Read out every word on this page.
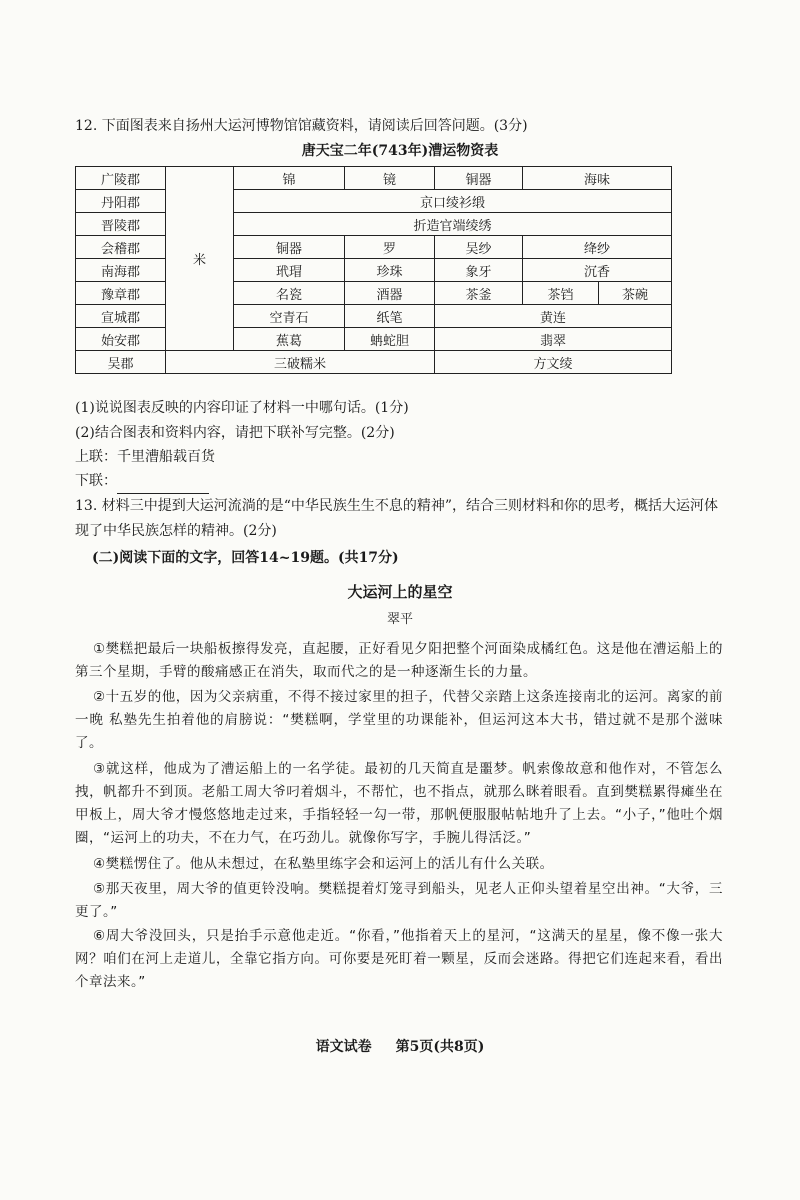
12. 下面图表来自扬州大运河博物馆馆藏资料，请阅读后回答问题。(3分)
唐天宝二年(743年)漕运物资表
广陵郡	米	锦	镜	铜器	海味	
丹阳郡		京口绫衫缎				
晋陵郡		折造官端绫绣				
会稽郡		铜器	罗	吴纱	绛纱	
南海郡		玳瑁	珍珠	象牙	沉香	
豫章郡		名瓷	酒器	茶釜	茶铛	茶碗
宣城郡		空青石	纸笔	黄连		
始安郡		蕉葛	蚺蛇胆	翡翠		
吴郡	三破糯米			方文绫		
(1)说说图表反映的内容印证了材料一中哪句话。(1分)
(2)结合图表和资料内容，请把下联补写完整。(2分)
上联：千里漕船载百货
下联：
13. 材料三中提到大运河流淌的是“中华民族生生不息的精神”，结合三则材料和你的思考，概括大运河体现了中华民族怎样的精神。(2分)
(二)阅读下面的文字，回答14~19题。(共17分)
大运河上的星空
翠平
①樊糕把最后一块船板擦得发亮，直起腰，正好看见夕阳把整个河面染成橘红色。这是他在漕运船上的第三个星期，手臂的酸痛感正在消失，取而代之的是一种逐渐生长的力量。
②十五岁的他，因为父亲病重，不得不接过家里的担子，代替父亲踏上这条连接南北的运河。离家的前一晚 私塾先生拍着他的肩膀说：“樊糕啊，学堂里的功课能补，但运河这本大书，错过就不是那个滋味了。
③就这样，他成为了漕运船上的一名学徒。最初的几天简直是噩梦。帆索像故意和他作对，不管怎么拽，帆都升不到顶。老船工周大爷叼着烟斗，不帮忙，也不指点，就那么眯着眼看。直到樊糕累得瘫坐在甲板上，周大爷才慢悠悠地走过来，手指轻轻一勾一带，那帆便服服帖帖地升了上去。“小子，”他吐个烟圈，“运河上的功夫，不在力气，在巧劲儿。就像你写字，手腕儿得活泛。”
④樊糕愣住了。他从未想过，在私塾里练字会和运河上的活儿有什么关联。
⑤那天夜里，周大爷的值更铃没响。樊糕提着灯笼寻到船头，见老人正仰头望着星空出神。“大爷，三更了。”
⑥周大爷没回头，只是抬手示意他走近。“你看，”他指着天上的星河，“这满天的星星，像不像一张大网？咱们在河上走道儿，全靠它指方向。可你要是死盯着一颗星，反而会迷路。得把它们连起来看，看出个章法来。”
语文试卷 第5页(共8页)
